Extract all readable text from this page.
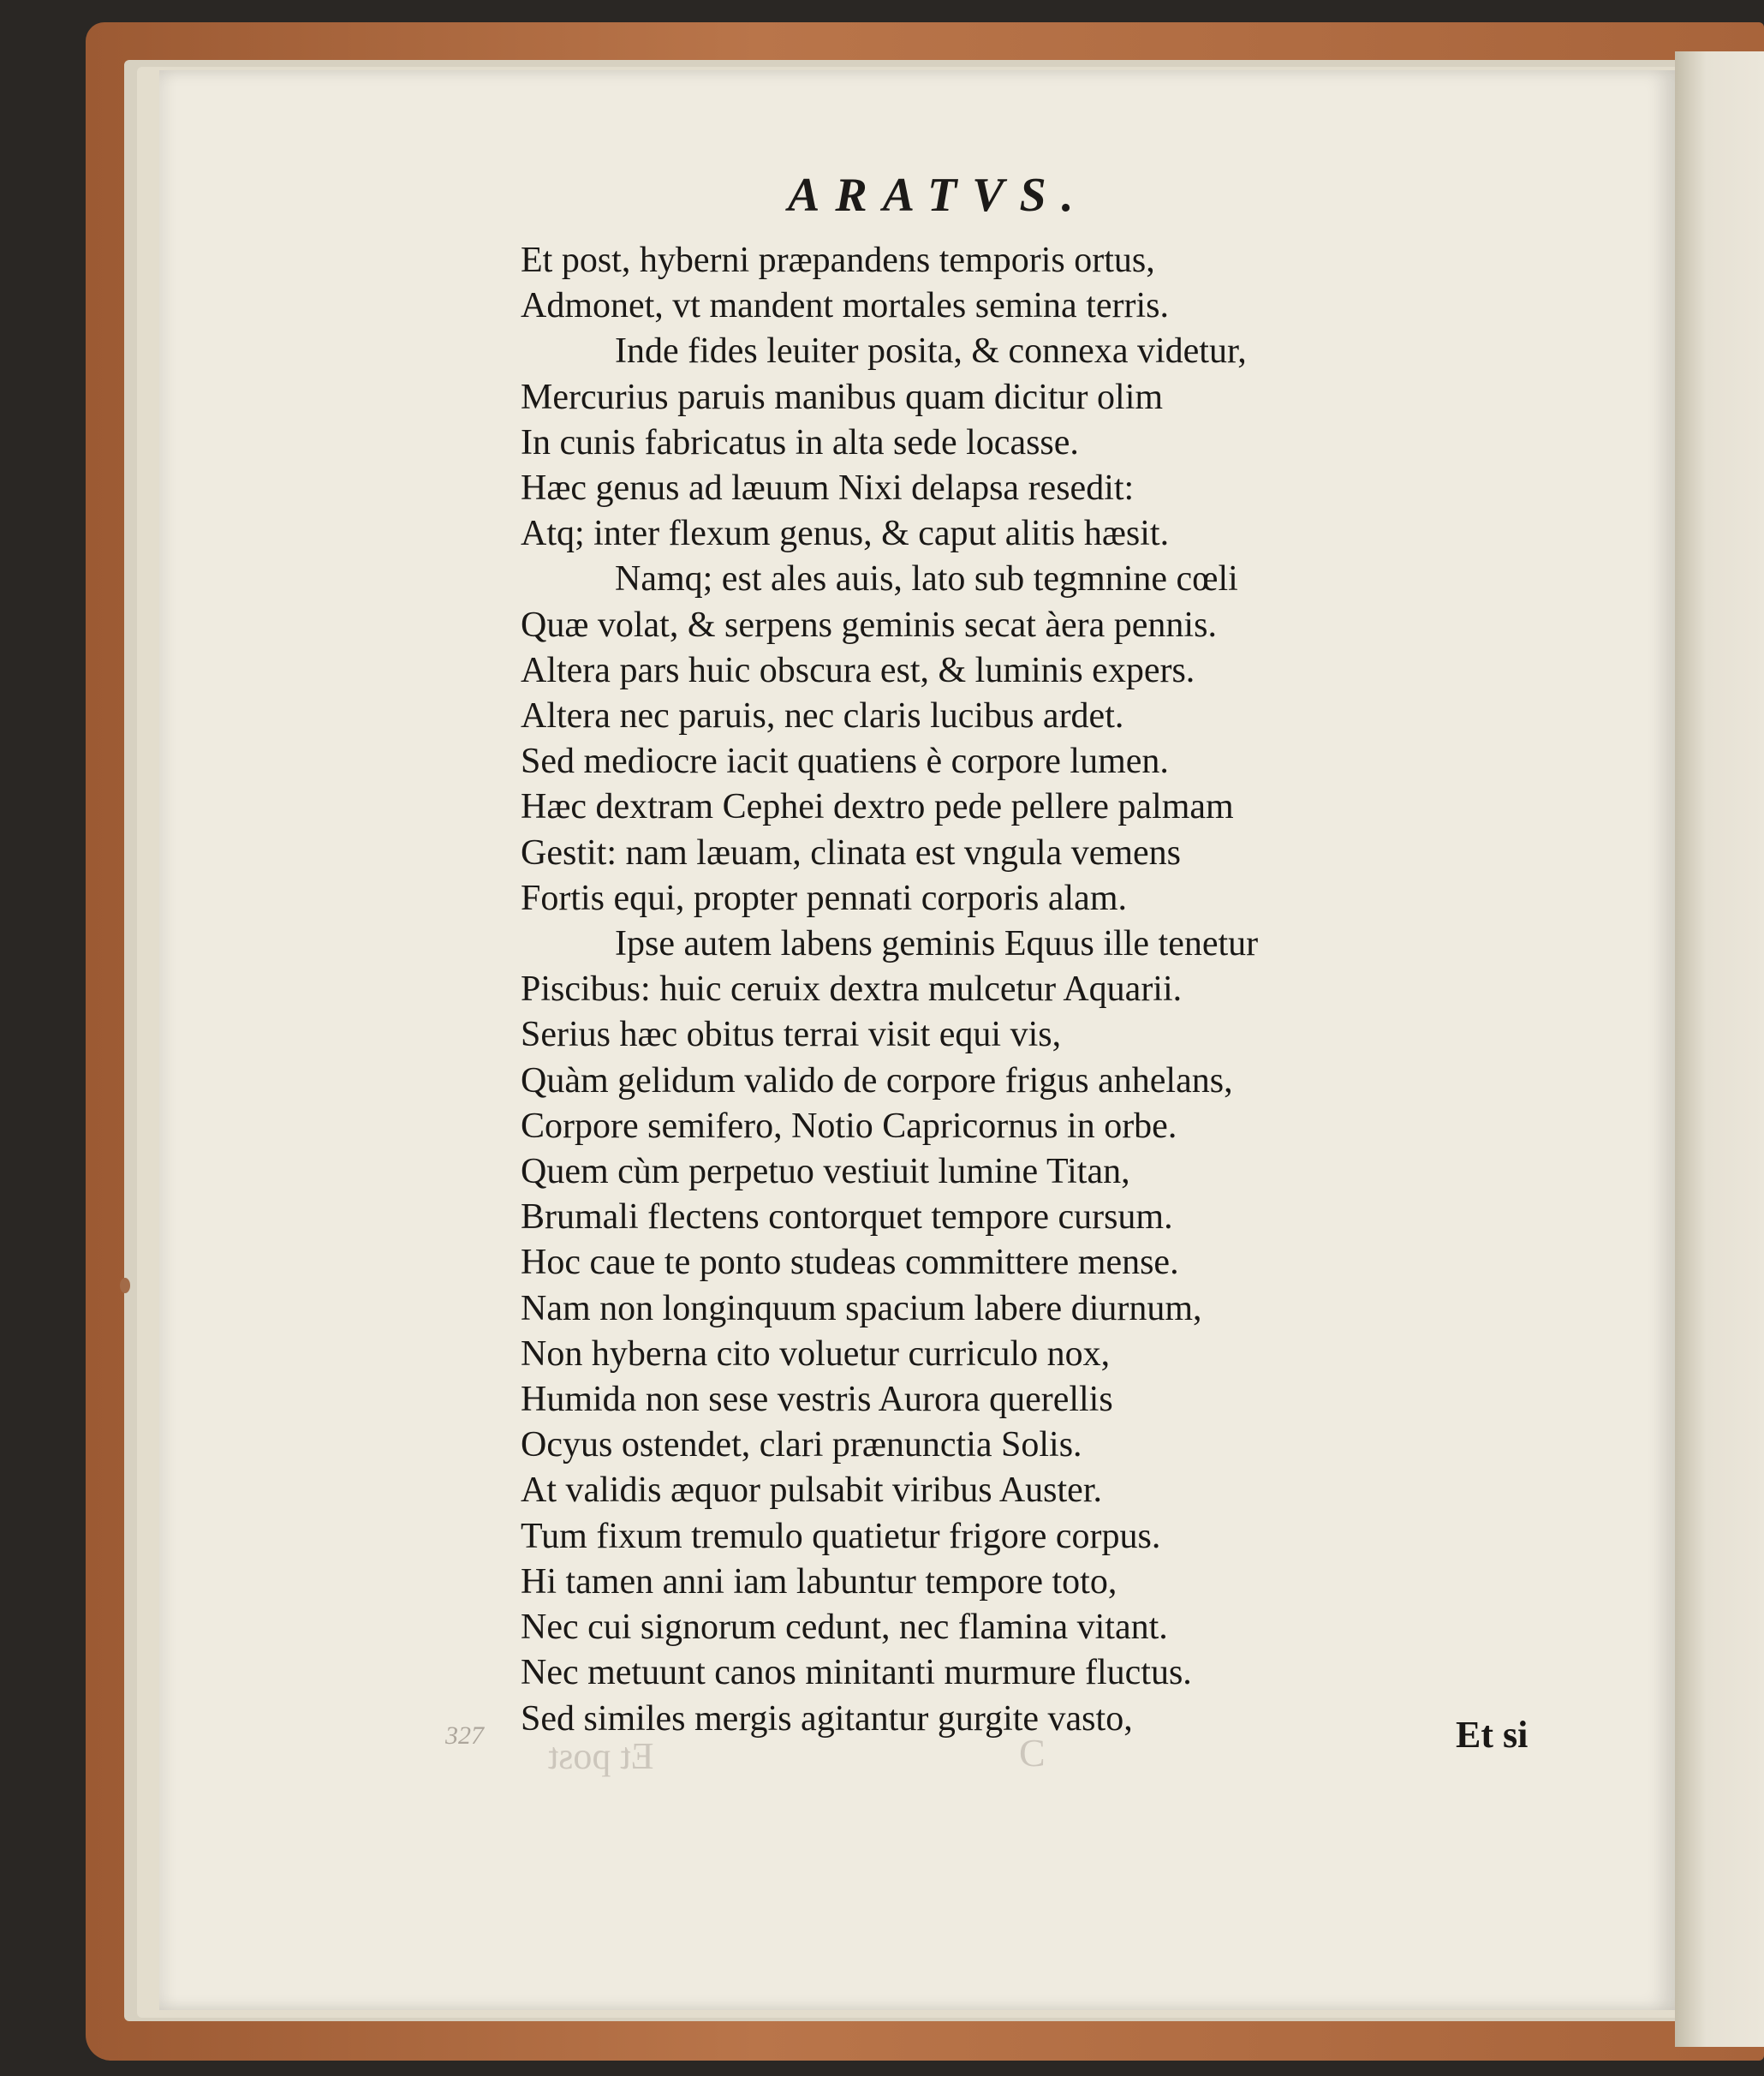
ARATVS.
Et post, hyberni præpandens temporis ortus,
Admonet, vt mandent mortales semina terris.
Inde fides leuiter posita, & connexa videtur,
Mercurius paruis manibus quam dicitur olim
In cunis fabricatus in alta sede locasse.
Hæc genus ad læuum Nixi delapsa resedit:
Atq; inter flexum genus, & caput alitis hæsit.
Namq; est ales auis, lato sub tegmnine cœli
Quæ volat, & serpens geminis secat àera pennis.
Altera pars huic obscura est, & luminis expers.
Altera nec paruis, nec claris lucibus ardet.
Sed mediocre iacit quatiens è corpore lumen.
Hæc dextram Cephei dextro pede pellere palmam
Gestit: nam læuam, clinata est vngula vemens
Fortis equi, propter pennati corporis alam.
Ipse autem labens geminis Equus ille tenetur
Piscibus: huic ceruix dextra mulcetur Aquarii.
Serius hæc obitus terrai visit equi vis,
Quàm gelidum valido de corpore frigus anhelans,
Corpore semifero, Notio Capricornus in orbe.
Quem cùm perpetuo vestiuit lumine Titan,
Brumali flectens contorquet tempore cursum.
Hoc caue te ponto studeas committere mense.
Nam non longinquum spacium labere diurnum,
Non hyberna cito voluetur curriculo nox,
Humida non sese vestris Aurora querellis
Ocyus ostendet, clari prænunctia Solis.
At validis æquor pulsabit viribus Auster.
Tum fixum tremulo quatietur frigore corpus.
Hi tamen anni iam labuntur tempore toto,
Nec cui signorum cedunt, nec flamina vitant.
Nec metuunt canos minitanti murmure fluctus.
Sed similes mergis agitantur gurgite vasto,
327 Et post	C	Et si
